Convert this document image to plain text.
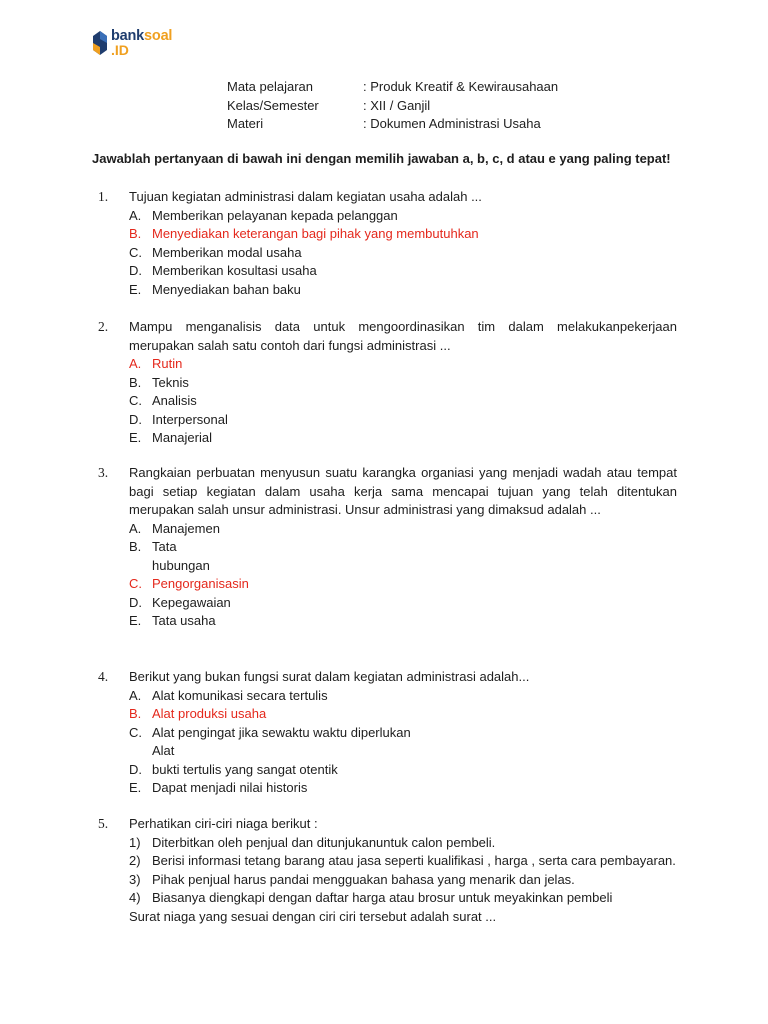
banksoal
.ID
Mata pelajaran	: Produk Kreatif & Kewirausahaan
Kelas/Semester	: XII / Ganjil
Materi	: Dokumen Administrasi Usaha
Jawablah pertanyaan di bawah ini dengan memilih jawaban a, b, c, d atau e yang paling tepat!
1. Tujuan kegiatan administrasi dalam kegiatan usaha adalah ...
A. Memberikan pelayanan kepada pelanggan
B. Menyediakan keterangan bagi pihak yang membutuhkan
C. Memberikan modal usaha
D. Memberikan kosultasi usaha
E. Menyediakan bahan baku
2. Mampu menganalisis data untuk mengoordinasikan tim dalam melakukanpekerjaan merupakan salah satu contoh dari fungsi administrasi ...
A. Rutin
B. Teknis
C. Analisis
D. Interpersonal
E. Manajerial
3. Rangkaian perbuatan menyusun suatu karangka organiasi yang menjadi wadah atau tempat bagi setiap kegiatan dalam usaha kerja sama mencapai tujuan yang telah ditentukan merupakan salah unsur administrasi. Unsur administrasi yang dimaksud adalah ...
A. Manajemen
B. Tata
hubungan
C. Pengorganisasin
D. Kepegawaian
E. Tata usaha
4. Berikut yang bukan fungsi surat dalam kegiatan administrasi adalah...
A. Alat komunikasi secara tertulis
B. Alat produksi usaha
C. Alat pengingat jika sewaktu waktu diperlukan
Alat
D. bukti tertulis yang sangat otentik
E. Dapat menjadi nilai historis
5. Perhatikan ciri-ciri niaga berikut :
1) Diterbitkan oleh penjual dan ditunjukanuntuk calon pembeli.
2) Berisi informasi tetang barang atau jasa seperti kualifikasi , harga , serta cara pembayaran.
3) Pihak penjual harus pandai mengguakan bahasa yang menarik dan jelas.
4) Biasanya diengkapi dengan daftar harga atau brosur untuk meyakinkan pembeli
Surat niaga yang sesuai dengan ciri ciri tersebut adalah surat ...
